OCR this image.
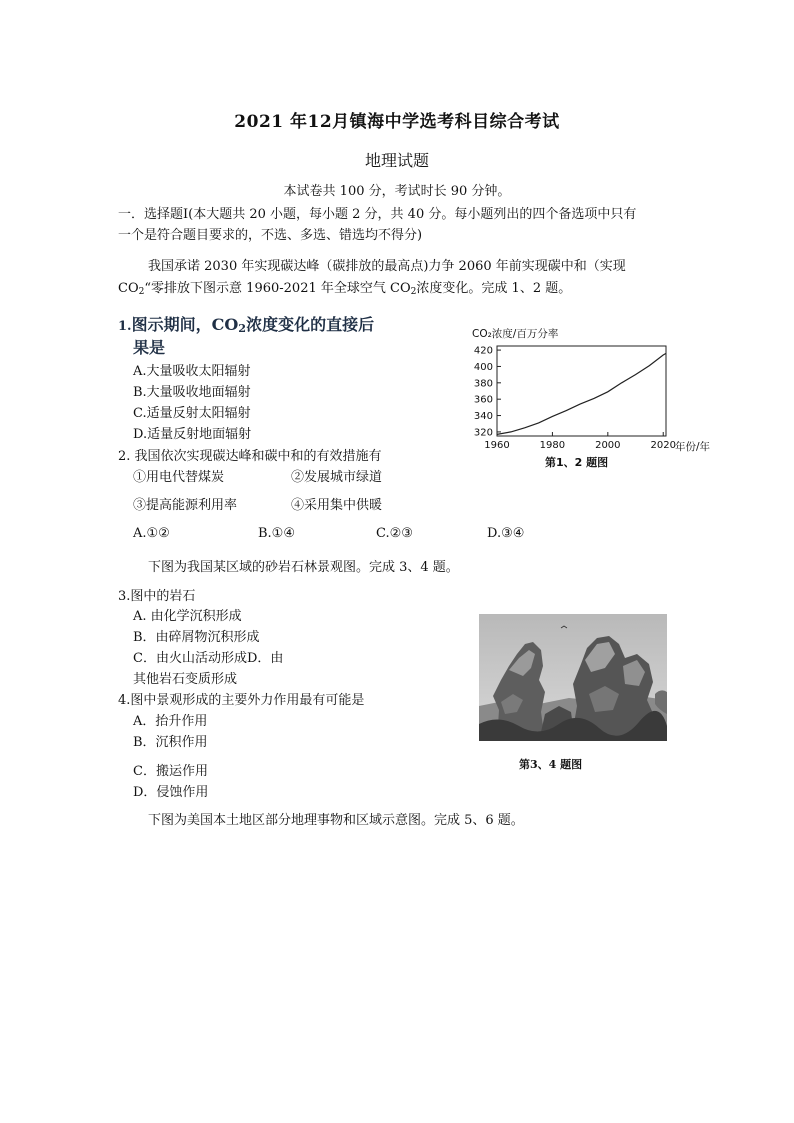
2021 年12月镇海中学选考科目综合考试
地理试题
本试卷共 100 分，考试时长 90 分钟。
一．选择题Ⅰ(本大题共 20 小题，每小题 2 分，共 40 分。每小题列出的四个备选项中只有
一个是符合题目要求的，不选、多选、错选均不得分)
我国承诺 2030 年实现碳达峰（碳排放的最高点)力争 2060 年前实现碳中和（实现
$CO_2“$零排放下图示意 1960-2021 年全球空气 $CO_2$浓度变化。完成 1、2 题。
1.图示期间，$CO_2$浓度变化的直接后
果是
A.大量吸收太阳辐射
B.大量吸收地面辐射
C.适量反射太阳辐射
D.适量反射地面辐射
CO₂浓度/百万分率
320
340
360
380
400
420
1960	1980	2000	2020 年份/年
第1、2 题图
2. 我国依次实现碳达峰和碳中和的有效措施有
①用电代替煤炭	②发展城市绿道
③提高能源利用率	④采用集中供暖
A.①②	B.①④	C.②③	D.③④
下图为我国某区域的砂岩石林景观图。完成 3、4 题。
3.图中的岩石
A. 由化学沉积形成
B．由碎屑物沉积形成
C．由火山活动形成D．由
其他岩石变质形成
4.图中景观形成的主要外力作用最有可能是
A．抬升作用
B．沉积作用
C．搬运作用
D．侵蚀作用
第3、4 题图
下图为美国本土地区部分地理事物和区域示意图。完成 5、6 题。
